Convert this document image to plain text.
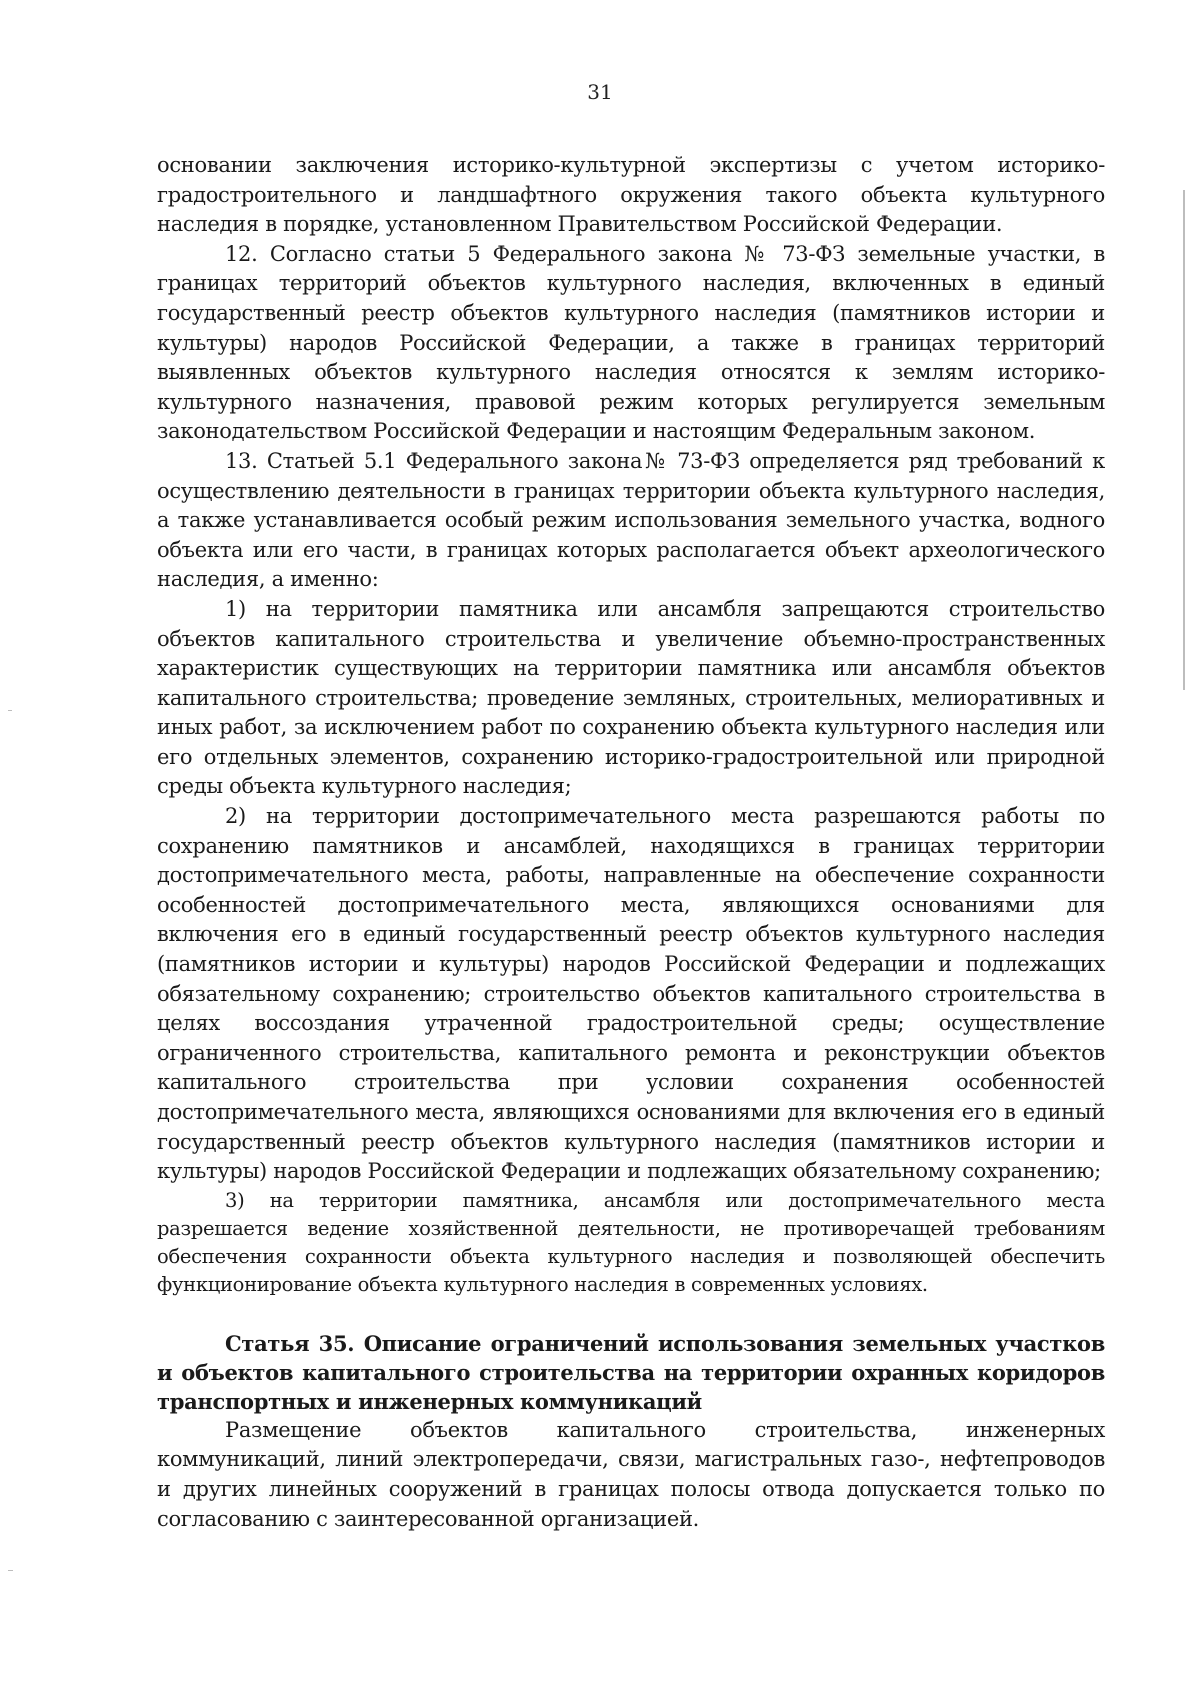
31

основании заключения историко-культурной экспертизы с учетом историко-градостроительного и ландшафтного окружения такого объекта культурного наследия в порядке, установленном Правительством Российской Федерации.

12. Согласно статьи 5 Федерального закона № 73-ФЗ земельные участки, в границах территорий объектов культурного наследия, включенных в единый государственный реестр объектов культурного наследия (памятников истории и культуры) народов Российской Федерации, а также в границах территорий выявленных объектов культурного наследия относятся к землям историко-культурного назначения, правовой режим которых регулируется земельным законодательством Российской Федерации и настоящим Федеральным законом.

13. Статьей 5.1 Федерального закона№ 73-ФЗ определяется ряд требований к осуществлению деятельности в границах территории объекта культурного наследия, а также устанавливается особый режим использования земельного участка, водного объекта или его части, в границах которых располагается объект археологического наследия, а именно:

1) на территории памятника или ансамбля запрещаются строительство объектов капитального строительства и увеличение объемно-пространственных характеристик существующих на территории памятника или ансамбля объектов капитального строительства; проведение земляных, строительных, мелиоративных и иных работ, за исключением работ по сохранению объекта культурного наследия или его отдельных элементов, сохранению историко-градостроительной или природной среды объекта культурного наследия;

2) на территории достопримечательного места разрешаются работы по сохранению памятников и ансамблей, находящихся в границах территории достопримечательного места, работы, направленные на обеспечение сохранности особенностей достопримечательного места, являющихся основаниями для включения его в единый государственный реестр объектов культурного наследия (памятников истории и культуры) народов Российской Федерации и подлежащих обязательному сохранению; строительство объектов капитального строительства в целях воссоздания утраченной градостроительной среды; осуществление ограниченного строительства, капитального ремонта и реконструкции объектов капитального строительства при условии сохранения особенностей достопримечательного места, являющихся основаниями для включения его в единый государственный реестр объектов культурного наследия (памятников истории и культуры) народов Российской Федерации и подлежащих обязательному сохранению;

3) на территории памятника, ансамбля или достопримечательного места разрешается ведение хозяйственной деятельности, не противоречащей требованиям обеспечения сохранности объекта культурного наследия и позволяющей обеспечить функционирование объекта культурного наследия в современных условиях.

Статья 35. Описание ограничений использования земельных участков и объектов капитального строительства на территории охранных коридоров транспортных и инженерных коммуникаций

Размещение объектов капитального строительства, инженерных коммуникаций, линий электропередачи, связи, магистральных газо-, нефтепроводов и других линейных сооружений в границах полосы отвода допускается только по согласованию с заинтересованной организацией.
